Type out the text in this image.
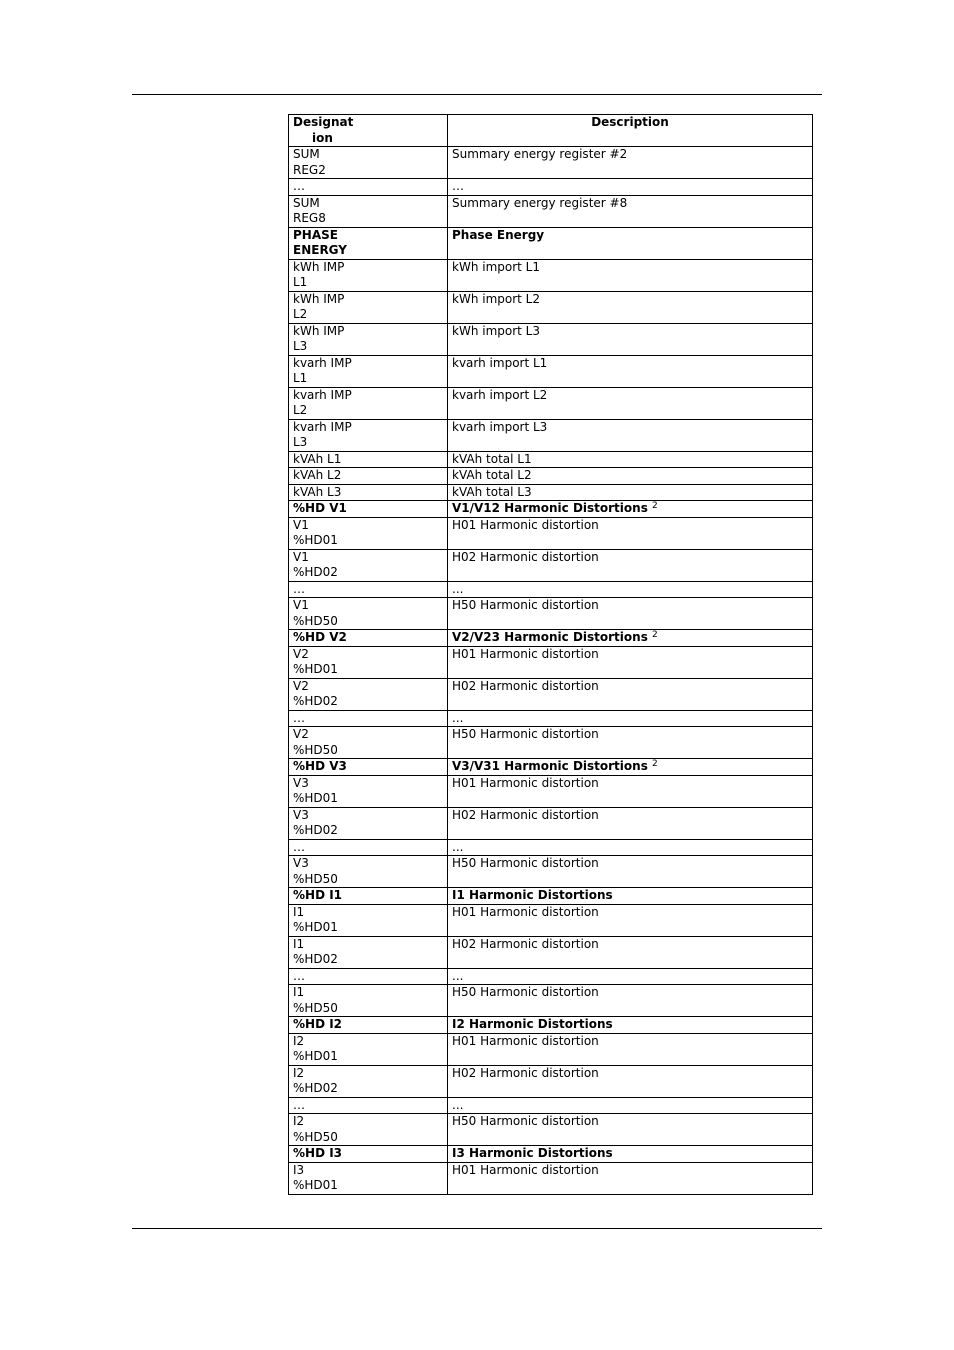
Designat
ion	Description

SUM
REG2	Summary energy register #2

…	…

SUM
REG8	Summary energy register #8

PHASE
ENERGY	Phase Energy

kWh IMP
L1	kWh import L1

kWh IMP
L2	kWh import L2

kWh IMP
L3	kWh import L3

kvarh IMP
L1	kvarh import L1

kvarh IMP
L2	kvarh import L2

kvarh IMP
L3	kvarh import L3

kVAh L1	kVAh total L1

kVAh L2	kVAh total L2

kVAh L3	kVAh total L3

%HD V1	V1/V12 Harmonic Distortions $^2$

V1
%HD01	H01 Harmonic distortion

V1
%HD02	H02 Harmonic distortion

…	...

V1
%HD50	H50 Harmonic distortion

%HD V2	V2/V23 Harmonic Distortions $^2$

V2
%HD01	H01 Harmonic distortion

V2
%HD02	H02 Harmonic distortion

…	...

V2
%HD50	H50 Harmonic distortion

%HD V3	V3/V31 Harmonic Distortions $^2$

V3
%HD01	H01 Harmonic distortion

V3
%HD02	H02 Harmonic distortion

…	...

V3
%HD50	H50 Harmonic distortion

%HD I1	I1 Harmonic Distortions

I1
%HD01	H01 Harmonic distortion

I1
%HD02	H02 Harmonic distortion

…	...

I1
%HD50	H50 Harmonic distortion

%HD I2	I2 Harmonic Distortions

I2
%HD01	H01 Harmonic distortion

I2
%HD02	H02 Harmonic distortion

…	...

I2
%HD50	H50 Harmonic distortion

%HD I3	I3 Harmonic Distortions

I3
%HD01	H01 Harmonic distortion
